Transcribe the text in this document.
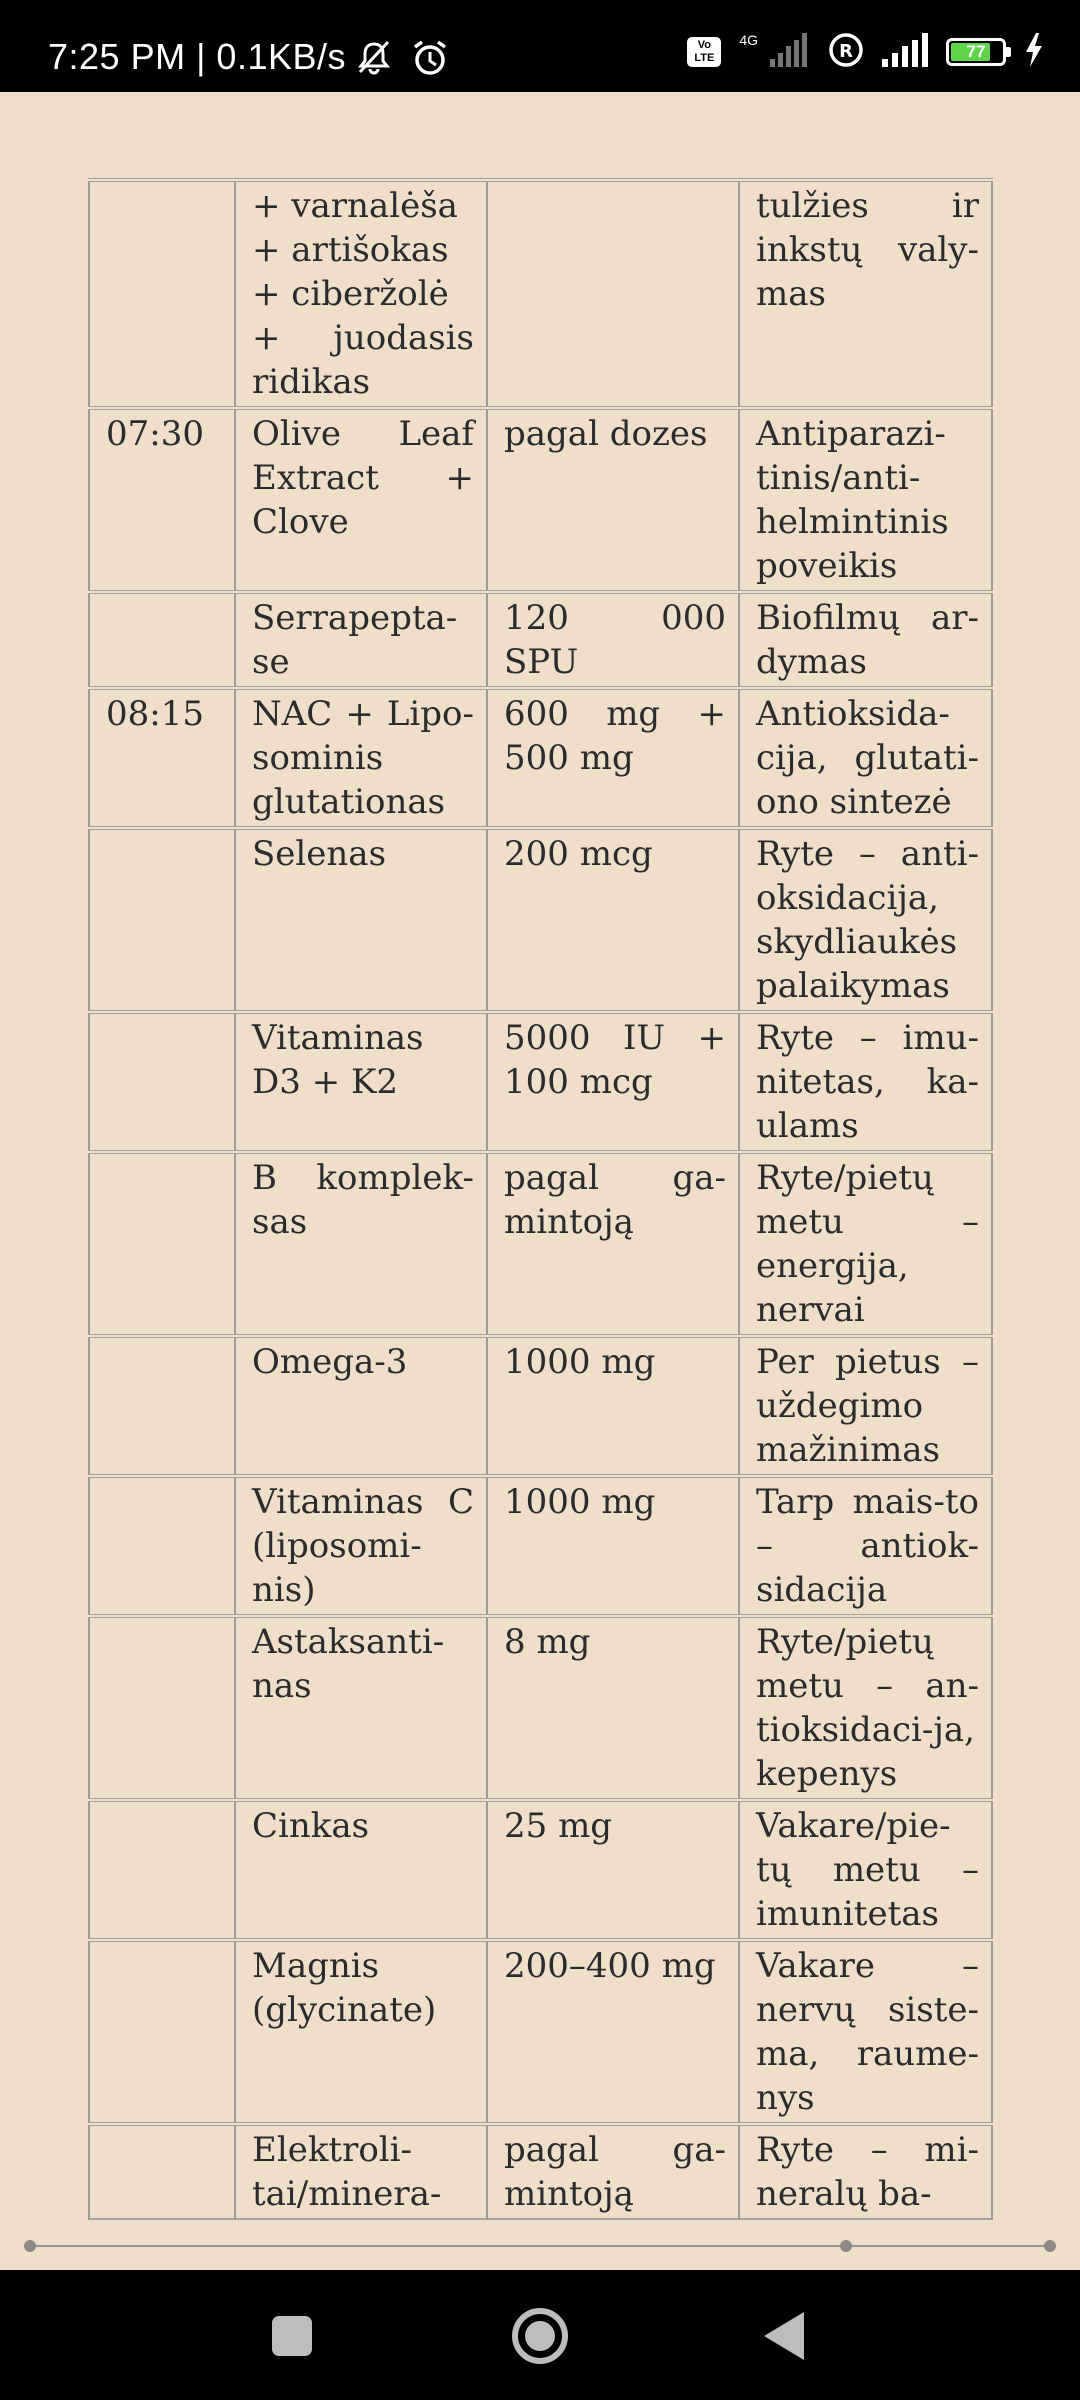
7:25 PM | 0.1KB/s	Vo LTE
4G
R	77
	+ varnalėša
+ artišokas
+ ciberžolė
+ juodasis ridikas		tulžies ir inkstų valy-mas
07:30	Olive Leaf Extract + Clove	pagal dozes	Antiparazi-tinis/anti-helmintinis poveikis
	Serrapepta-se	120 000 SPU	Biofilmų ar-dymas
08:15	NAC + Lipo-sominis glutationas	600 mg + 500 mg	Antioksida-cija, glutati-ono sintezė
	Selenas	200 mcg	Ryte – anti-oksidacija, skydliaukės palaikymas
	Vitaminas D3 + K2	5000 IU + 100 mcg	Ryte – imu-nitetas, ka-ulams
	B komplek-sas	pagal ga-mintoją	Ryte/pietų metu – energija, nervai
	Omega-3	1000 mg	Per pietus – uždegimo mažinimas
	Vitaminas C (liposomi-nis)	1000 mg	Tarp mais-to – antiok-sidacija
	Astaksanti-nas	8 mg	Ryte/pietų metu – an-tioksidaci-ja, kepenys
	Cinkas	25 mg	Vakare/pie-tų metu – imunitetas
	Magnis (glycinate)	200–400 mg	Vakare – nervų siste-ma, raume-nys
	Elektroli-tai/minera-	pagal ga-mintoją	Ryte – mi-neralų ba-
